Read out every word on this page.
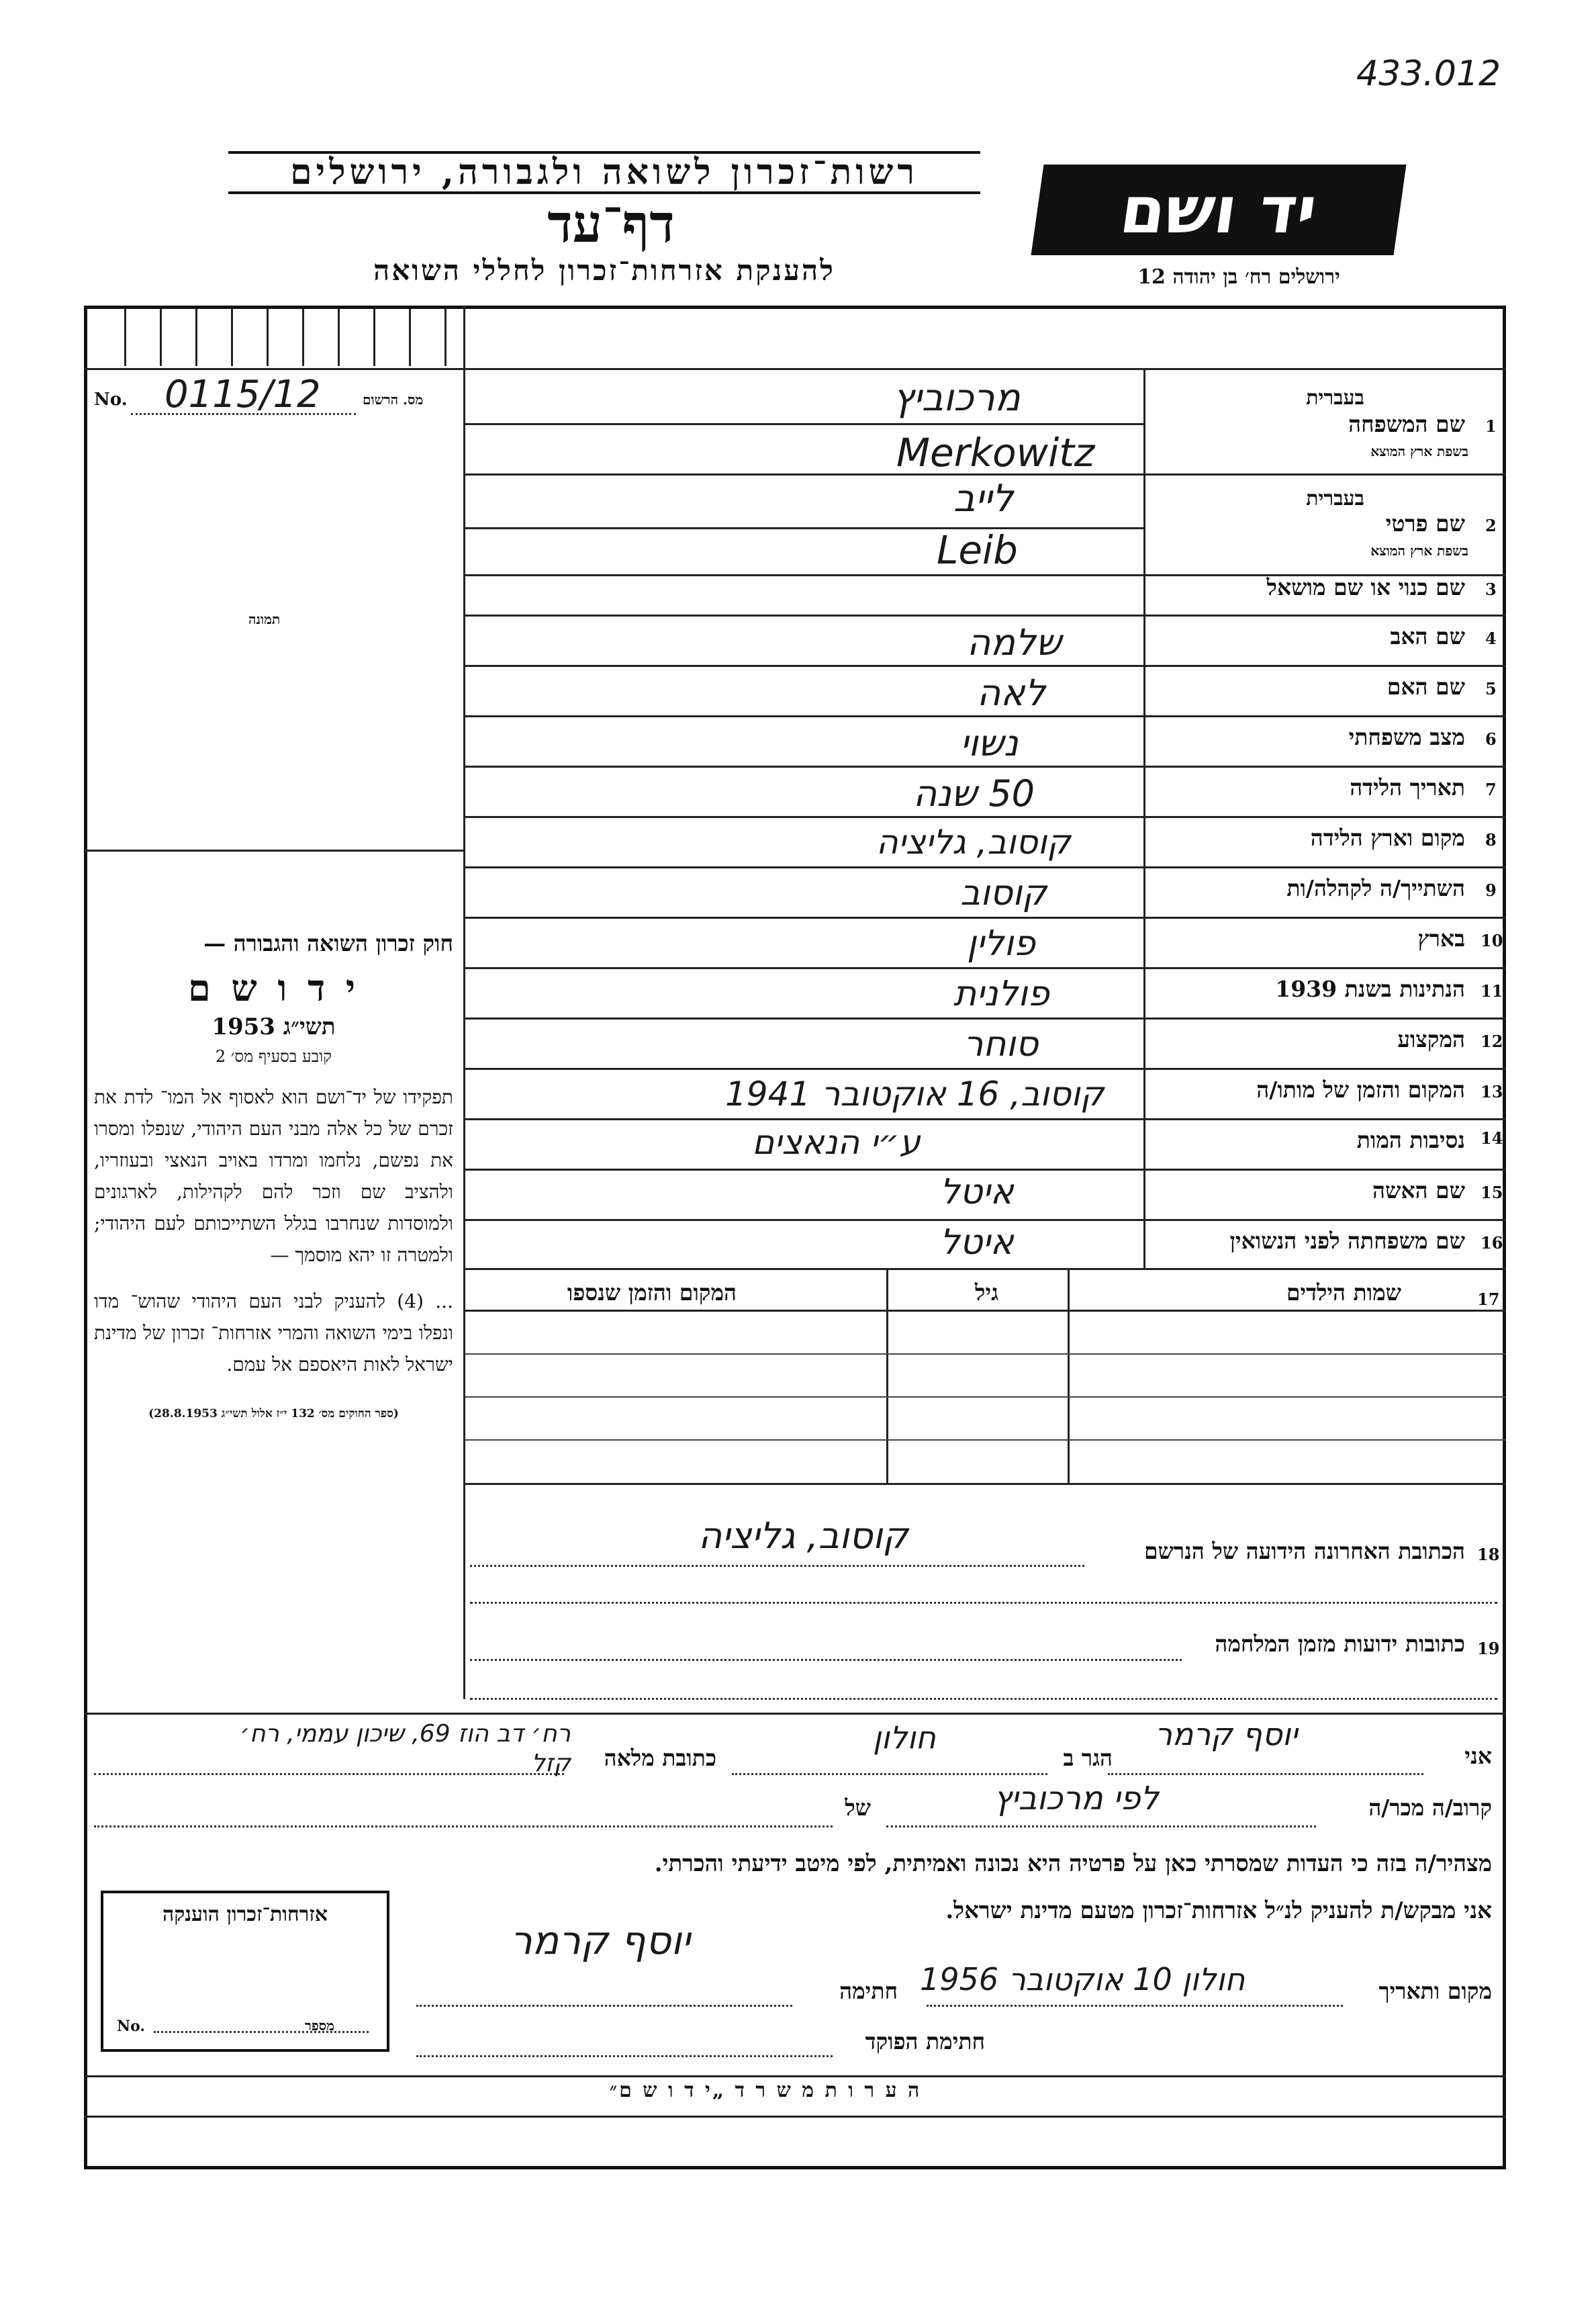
433.012
רשות־זכרון לשואה ולגבורה, ירושלים
דף־עד
להענקת אזרחות־זכרון לחללי השואה
יד ושם
ירושלים רח׳ בן יהודה 12
No. 0115/12	מס. הרשום
תמונה
חוק זכרון השואה והגבורה —
י ד ו ש ם
תשי״ג 1953
קובע בסעיף מס׳ 2
תפקידו של יד־ושם הוא לאסוף אל המו־ לדת את זכרם של כל אלה מבני העם היהודי, שנפלו ומסרו את נפשם, נלחמו ומרדו באויב הנאצי ובעוזריו, ולהציב שם וזכר להם לקהילות, לארגונים ולמוסדות שנחרבו בגלל השתייכותם לעם היהודי; ולמטרה זו יהא מוסמך —
... (4) להעניק לבני העם היהודי שהוש־ מדו ונפלו בימי השואה והמרי אזרחות־ זכרון של מדינת ישראל לאות היאספם אל עמם.
(ספר החוקים מס׳ 132 י״ז אלול תשי״ג 28.8.1953)
בעברית
שם המשפחה 1
בשפת ארץ המוצא
מרכוביץ
Merkowitz
בעברית
שם פרטי 2
בשפת ארץ המוצא
לייב
Leib
שם כנוי או שם מושאל 3
שם האב 4
שלמה
שם האם 5
לאה
מצב משפחתי 6
נשוי
תאריך הלידה 7
50 שנה
מקום וארץ הלידה 8
קוסוב, גליציה
השתייך/ה לקהלה/ות 9
קוסוב
בארץ 10
פולין
הנתינות בשנת 1939 11
פולנית
המקצוע 12
סוחר
המקום והזמן של מותו/ה 13
קוסוב, 16 אוקטובר 1941
נסיבות המות 14
ע״י הנאצים
שם האשה 15
איטל
שם משפחתה לפני הנשואין 16
איטל
17
שמות הילדים
גיל
המקום והזמן שנספו
18
הכתובת האחרונה הידועה של הנרשם
קוסוב, גליציה
19
כתובות ידועות מזמן המלחמה
אני
יוסף קרמר
הגר ב
חולון
כתובת מלאה
רח׳ דב הוז 69, שיכון עממי, רח׳ קזל
קרוב/ה מכר/ה
לפי מרכוביץ
של
מצהיר/ה בזה כי העדות שמסרתי כאן על פרטיה היא נכונה ואמיתית, לפי מיטב ידיעתי והכרתי.
אני מבקש/ת להעניק לנ״ל אזרחות־זכרון מטעם מדינת ישראל.
אזרחות־זכרון הוענקה
No.	מספר
יוסף קרמר
מקום ותאריך
חולון 10 אוקטובר 1956
חתימה
חתימת הפוקד
ה ע ר ו ת מ ש ר ד „י ד ו ש ם״
